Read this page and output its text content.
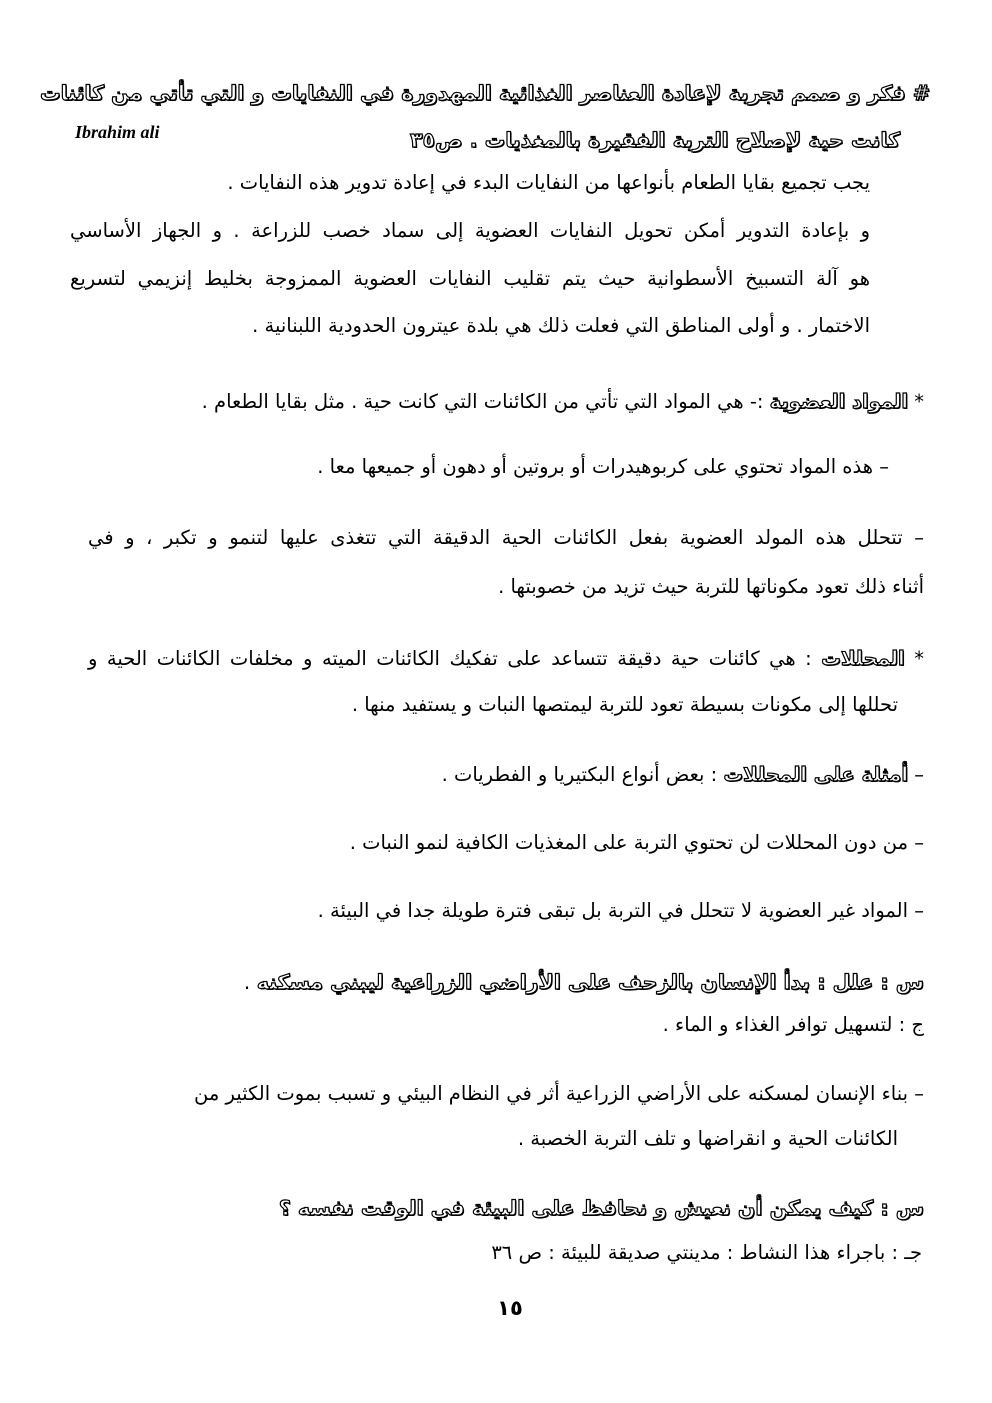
# فكر و صمم تجربة لإعادة العناصر الغذائية المهدورة في النفايات و التي تأتي من كائنات

كانت حية لإصلاح التربة الفقيرة بالمغذيات . ص٣٥

Ibrahim ali

يجب تجميع بقايا الطعام بأنواعها من النفايات البدء في إعادة تدوير هذه النفايات .

و بإعادة التدوير أمكن تحويل النفايات العضوية إلى سماد خصب للزراعة . و الجهاز الأساسي

هو آلة التسبيخ الأسطوانية حيث يتم تقليب النفايات العضوية الممزوجة بخليط إنزيمي لتسريع

الاختمار . و أولى المناطق التي فعلت ذلك هي بلدة عيترون الحدودية اللبنانية .

* المواد العضوية :- هي المواد التي تأتي من الكائنات التي كانت حية . مثل بقايا الطعام .

– هذه المواد تحتوي على كربوهيدرات أو بروتين أو دهون أو جميعها معا .

– تتحلل هذه المولد العضوية بفعل الكائنات الحية الدقيقة التي تتغذى عليها لتنمو و تكبر ، و في

أثناء ذلك تعود مكوناتها للتربة حيث تزيد من خصوبتها .

* المحللات : هي كائنات حية دقيقة تتساعد على تفكيك الكائنات الميته و مخلفات الكائنات الحية و

تحللها إلى مكونات بسيطة تعود للتربة ليمتصها النبات و يستفيد منها .

– أمثلة على المحللات : بعض أنواع البكتيريا و الفطريات .

– من دون المحللات لن تحتوي التربة على المغذيات الكافية لنمو النبات .

– المواد غير العضوية لا تتحلل في التربة بل تبقى فترة طويلة جدا في البيئة .

س : علل : بدأ الإنسان بالزحف على الأراضي الزراعية ليبني مسكنه .

ج : لتسهيل توافر الغذاء و الماء .

– بناء الإنسان لمسكنه على الأراضي الزراعية أثر في النظام البيئي و تسبب بموت الكثير من

الكائنات الحية و انقراضها و تلف التربة الخصبة .

س : كيف يمكن أن نعيش و نحافظ على البيئة في الوقت نفسه ؟

جـ : باجراء هذا النشاط : مدينتي صديقة للبيئة : ص ٣٦

١٥
